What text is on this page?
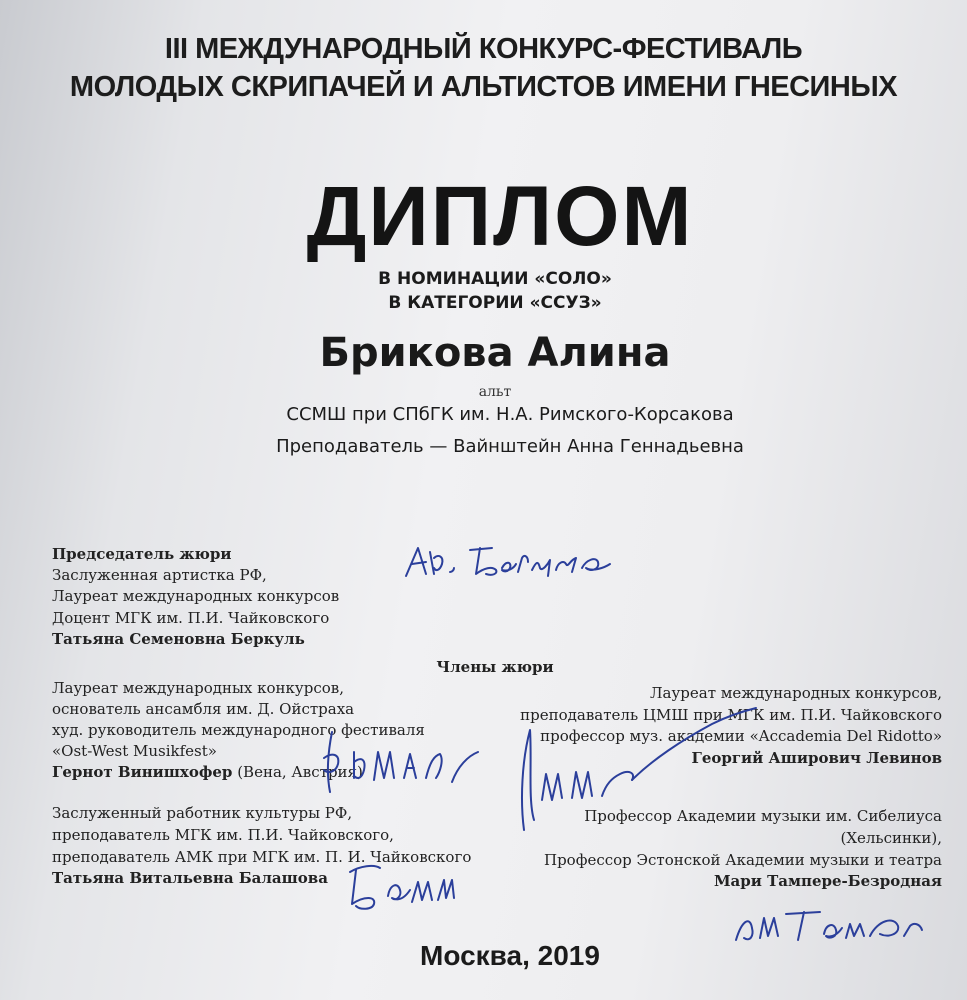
III МЕЖДУНАРОДНЫЙ КОНКУРС-ФЕСТИВАЛЬ
МОЛОДЫХ СКРИПАЧЕЙ И АЛЬТИСТОВ ИМЕНИ ГНЕСИНЫХ
ДИПЛОМ
В НОМИНАЦИИ «СОЛО»
В КАТЕГОРИИ «ССУЗ»
Брикова Алина
альт
ССМШ при СПбГК им. Н.А. Римского-Корсакова
Преподаватель — Вайнштейн Анна Геннадьевна
Председатель жюри
Заслуженная артистка РФ,
Лауреат международных конкурсов
Доцент МГК им. П.И. Чайковского
Татьяна Семеновна Беркуль
Члены жюри
Лауреат международных конкурсов,
основатель ансамбля им. Д. Ойстраха
худ. руководитель международного фестиваля
«Ost-West Musikfest»
Гернот Винишхофер (Вена, Австрия)
Лауреат международных конкурсов,
преподаватель ЦМШ при МГК им. П.И. Чайковского
профессор муз. академии «Accademia Del Ridotto»
Георгий Аширович Левинов
Заслуженный работник культуры РФ,
преподаватель МГК им. П.И. Чайковского,
преподаватель АМК при МГК им. П. И. Чайковского
Татьяна Витальевна Балашова
Профессор Академии музыки им. Сибелиуса
(Хельсинки),
Профессор Эстонской Академии музыки и театра
Мари Тампере-Безродная
Москва, 2019
